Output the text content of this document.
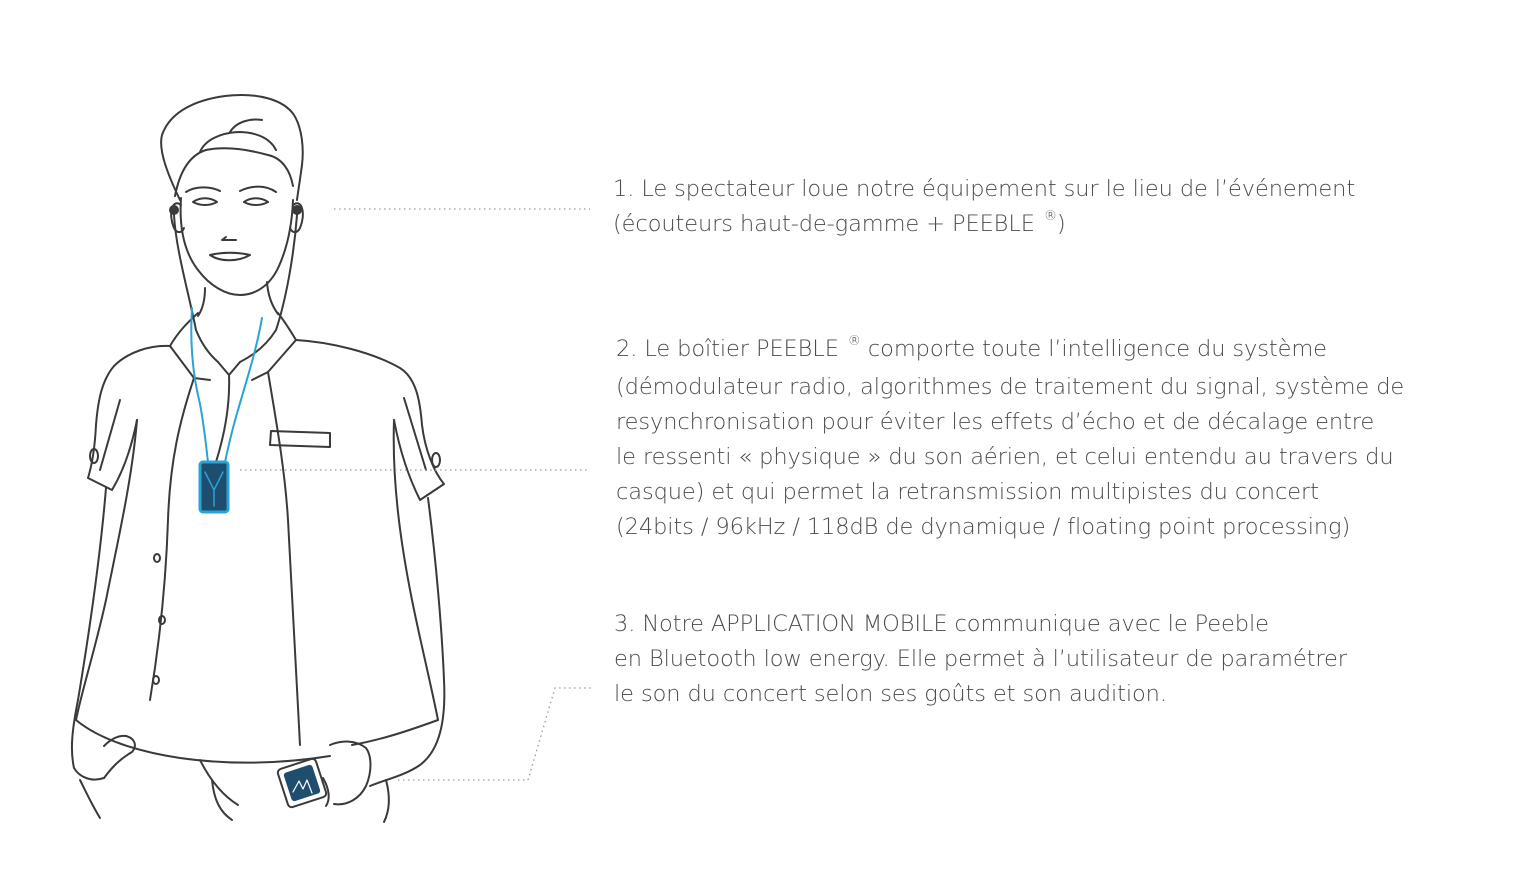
1. Le spectateur loue notre équipement sur le lieu de l’événement
(écouteurs haut-de-gamme + PEEBLE ®)
2. Le boîtier PEEBLE ® comporte toute l’intelligence du système
(démodulateur radio, algorithmes de traitement du signal, système de
resynchronisation pour éviter les effets d’écho et de décalage entre
le ressenti « physique » du son aérien, et celui entendu au travers du
casque) et qui permet la retransmission multipistes du concert
(24bits / 96kHz / 118dB de dynamique / floating point processing)
3. Notre APPLICATION MOBILE communique avec le Peeble
en Bluetooth low energy. Elle permet à l’utilisateur de paramétrer
le son du concert selon ses goûts et son audition.
